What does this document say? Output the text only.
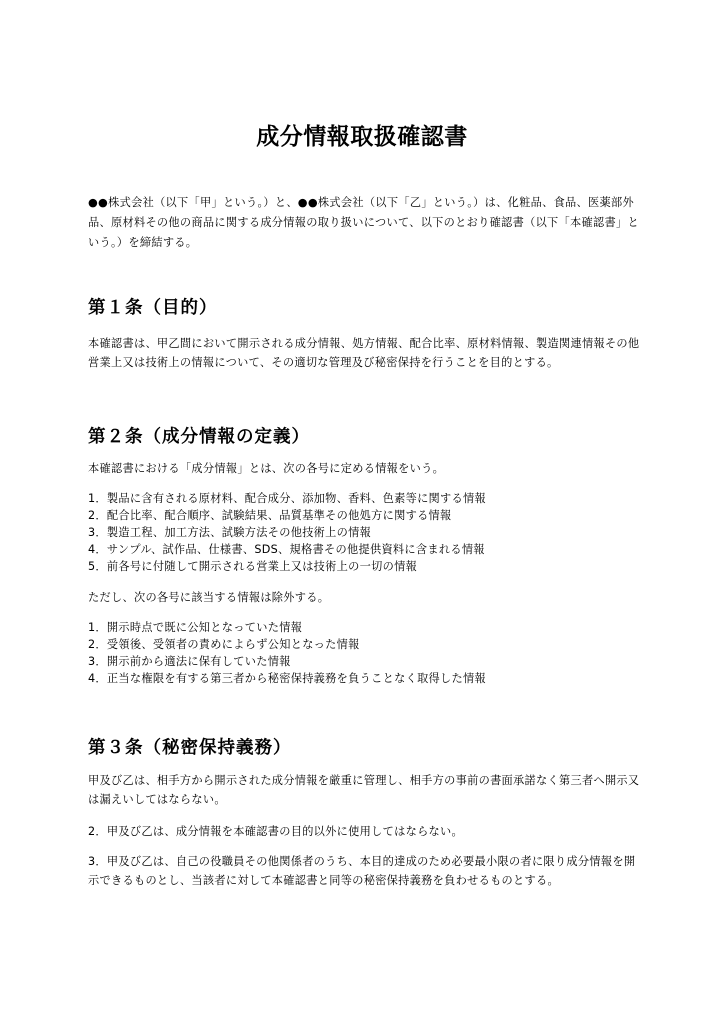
成分情報取扱確認書

●●株式会社（以下「甲」という。）と、●●株式会社（以下「乙」という。）は、化粧品、食品、医薬部外品、原材料その他の商品に関する成分情報の取り扱いについて、以下のとおり確認書（以下「本確認書」という。）を締結する。

第１条（目的）

本確認書は、甲乙間において開示される成分情報、処方情報、配合比率、原材料情報、製造関連情報その他営業上又は技術上の情報について、その適切な管理及び秘密保持を行うことを目的とする。

第２条（成分情報の定義）

本確認書における「成分情報」とは、次の各号に定める情報をいう。

1．製品に含有される原材料、配合成分、添加物、香料、色素等に関する情報
2．配合比率、配合順序、試験結果、品質基準その他処方に関する情報
3．製造工程、加工方法、試験方法その他技術上の情報
4．サンプル、試作品、仕様書、SDS、規格書その他提供資料に含まれる情報
5．前各号に付随して開示される営業上又は技術上の一切の情報

ただし、次の各号に該当する情報は除外する。

1．開示時点で既に公知となっていた情報
2．受領後、受領者の責めによらず公知となった情報
3．開示前から適法に保有していた情報
4．正当な権限を有する第三者から秘密保持義務を負うことなく取得した情報
第３条（秘密保持義務）

甲及び乙は、相手方から開示された成分情報を厳重に管理し、相手方の事前の書面承諾なく第三者へ開示又は漏えいしてはならない。

2．甲及び乙は、成分情報を本確認書の目的以外に使用してはならない。

3．甲及び乙は、自己の役職員その他関係者のうち、本目的達成のため必要最小限の者に限り成分情報を開示できるものとし、当該者に対して本確認書と同等の秘密保持義務を負わせるものとする。
